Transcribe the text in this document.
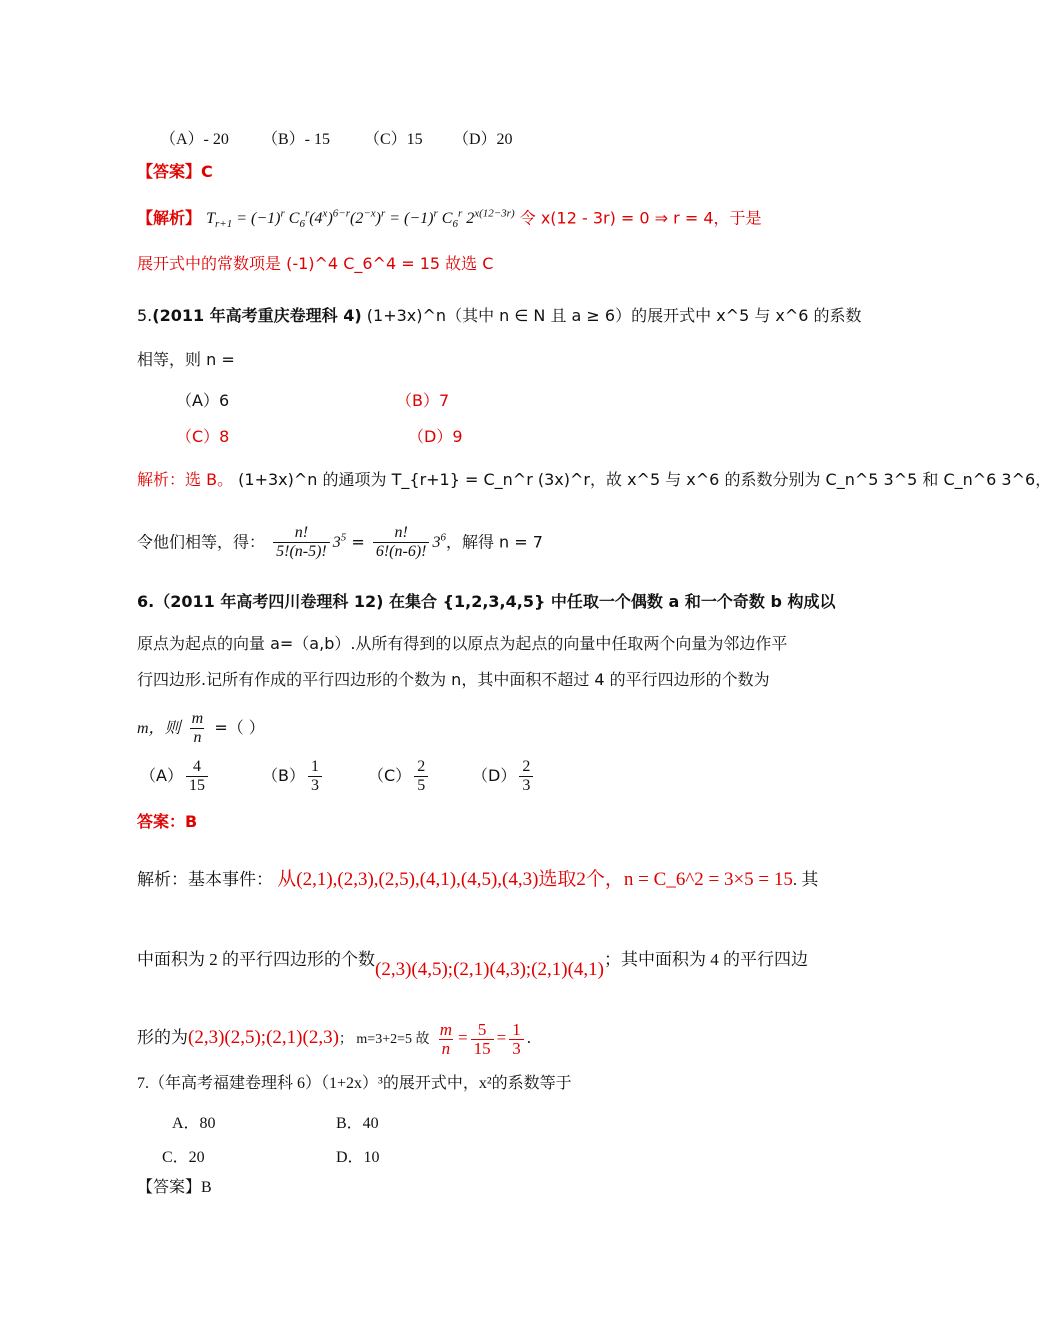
（A）- 20 （B）- 15 （C）15 （D）20
【答案】C
【解析】 $T_{r+1} = (-1)^r$ $C_6^r(4^x)^{6-r}(2^{-x})^r = (-1)^r$ $C_6^r$ $2^{x(12-3r)}$ 令 x(12 - 3r) = 0 ⇒ r = 4，于是
展开式中的常数项是 (-1)^4 C_6^4 = 15 故选 C
5.(2011 年高考重庆卷理科 4) (1+3x)^n（其中 n ∈ N 且 a ≥ 6）的展开式中 x^5 与 x^6 的系数
相等，则 n =
（A）6	（B）7
（C）8	（D）9
解析：选 B。 (1+3x)^n 的通项为 T_{r+1} = C_n^r (3x)^r，故 x^5 与 x^6 的系数分别为 C_n^5 3^5 和 C_n^6 3^6，
令他们相等，得： $\frac{n!}{5!(n-5)!} 3^5 = \frac{n!}{6!(n-6)!} 3^6$，解得 n = 7
6.（2011 年高考四川卷理科 12) 在集合 {1,2,3,4,5} 中任取一个偶数 a 和一个奇数 b 构成以
原点为起点的向量 a=（a,b）.从所有得到的以原点为起点的向量中任取两个向量为邻边作平
行四边形.记所有作成的平行四边形的个数为 n，其中面积不超过 4 的平行四边形的个数为
m，则 $\frac{m}{n}$ =（ ）
$(A) \frac{4}{15}$	$(B) \frac{1}{3}$	$(C) \frac{2}{5}$	$(D) \frac{2}{3}$
答案：B
解析：基本事件： 从(2,1),(2,3),(2,5),(4,1),(4,5),(4,3)选取2个，n = C_6^2 = 3×5 = 15. 其
中面积为 2 的平行四边形的个数(2,3)(4,5);(2,1)(4,3);(2,1)(4,1)；其中面积为 4 的平行四边
形的为(2,3)(2,5);(2,1)(2,3)； m=3+2=5 故 $\frac{m}{n} = \frac{5}{15} = \frac{1}{3}$ .
7.（年高考福建卷理科 6）（1+2x）³的展开式中，x²的系数等于
A．80	B．40
C．20	D．10
【答案】B
